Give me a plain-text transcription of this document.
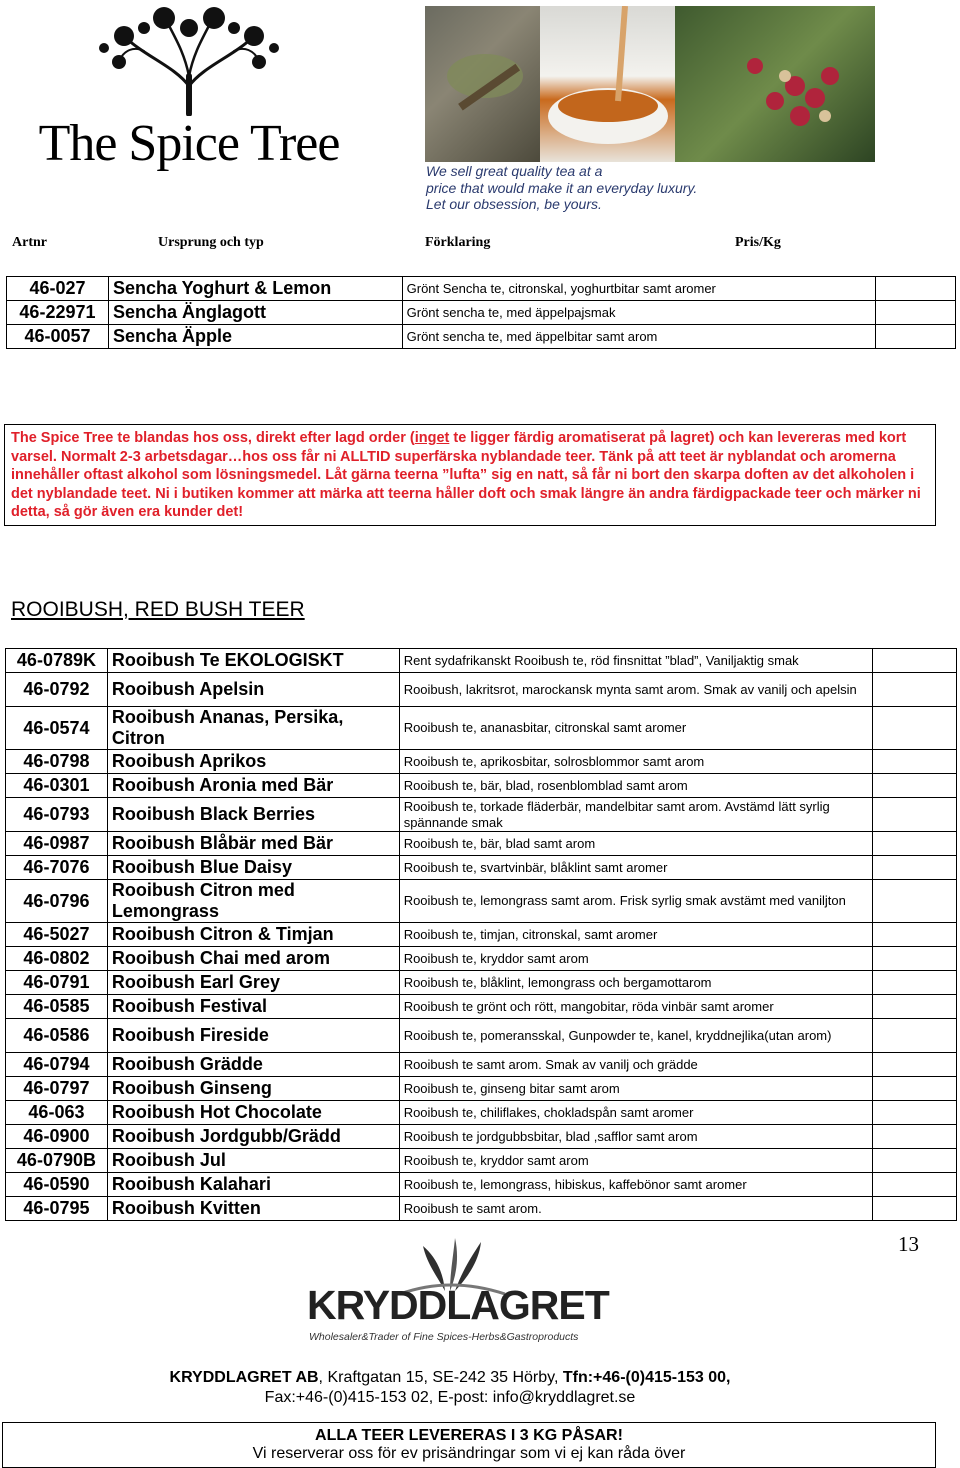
The Spice Tree	We sell great quality tea at a
price that would make it an everyday luxury.
Let our obsession, be yours.
Artnr	Ursprung och typ	Förklaring	Pris/Kg
46-027	Sencha Yoghurt & Lemon	Grönt Sencha te, citronskal, yoghurtbitar samt aromer	
46-22971	Sencha Änglagott	Grönt sencha te, med äppelpajsmak	
46-0057	Sencha Äpple	Grönt sencha te, med äppelbitar samt arom	
The Spice Tree te blandas hos oss, direkt efter lagd order (inget te ligger färdig aromatiserat på lagret) och kan levereras med kort varsel. Normalt 2-3 arbetsdagar…hos oss får ni ALLTID superfärska nyblandade teer. Tänk på att teet är nyblandat och aromerna innehåller oftast alkohol som lösningsmedel. Låt gärna teerna ”lufta” sig en natt, så får ni bort den skarpa doften av det alkoholen i det nyblandade teet. Ni i butiken kommer att märka att teerna håller doft och smak längre än andra färdigpackade teer och märker ni detta, så gör även era kunder det!
ROOIBUSH, RED BUSH TEER
46-0789K	Rooibush Te EKOLOGISKT	Rent sydafrikanskt Rooibush te, röd finsnittat ”blad”, Vaniljaktig smak	
46-0792	Rooibush Apelsin	Rooibush, lakritsrot, marockansk mynta samt arom. Smak av vanilj och apelsin	
46-0574	Rooibush Ananas, Persika, Citron	Rooibush te, ananasbitar, citronskal samt aromer	
46-0798	Rooibush Aprikos	Rooibush te, aprikosbitar, solrosblommor samt arom	
46-0301	Rooibush Aronia med Bär	Rooibush te, bär, blad, rosenblomblad samt arom	
46-0793	Rooibush Black Berries	Rooibush te, torkade fläderbär, mandelbitar samt arom. Avstämd lätt syrlig spännande smak	
46-0987	Rooibush Blåbär med Bär	Rooibush te, bär, blad samt arom	
46-7076	Rooibush Blue Daisy	Rooibush te, svartvinbär, blåklint samt aromer	
46-0796	Rooibush Citron med Lemongrass	Rooibush te, lemongrass samt arom. Frisk syrlig smak avstämt med vaniljton	
46-5027	Rooibush Citron & Timjan	Rooibush te, timjan, citronskal, samt aromer	
46-0802	Rooibush Chai med arom	Rooibush te, kryddor samt arom	
46-0791	Rooibush Earl Grey	Rooibush te, blåklint, lemongrass och bergamottarom	
46-0585	Rooibush Festival	Rooibush te grönt och rött, mangobitar, röda vinbär samt aromer	
46-0586	Rooibush Fireside	Rooibush te, pomeransskal, Gunpowder te, kanel, kryddnejlika(utan arom)	
46-0794	Rooibush Grädde	Rooibush te samt arom. Smak av vanilj och grädde	
46-0797	Rooibush Ginseng	Rooibush te, ginseng bitar samt arom	
46-063	Rooibush Hot Chocolate	Rooibush te, chiliflakes, chokladspån samt aromer	
46-0900	Rooibush Jordgubb/Grädd	Rooibush te jordgubbsbitar, blad ,safflor samt arom	
46-0790B	Rooibush Jul	Rooibush te, kryddor samt arom	
46-0590	Rooibush Kalahari	Rooibush te, lemongrass, hibiskus, kaffebönor samt aromer	
46-0795	Rooibush Kvitten	Rooibush te samt arom.	
13
KRYDDLAGRET
Wholesaler&Trader of Fine Spices-Herbs&Gastroproducts
KRYDDLAGRET AB, Kraftgatan 15, SE-242 35 Hörby, Tfn:+46-(0)415-153 00,
Fax:+46-(0)415-153 02, E-post: info@kryddlagret.se
ALLA TEER LEVERERAS I 3 KG PÅSAR!
Vi reserverar oss för ev prisändringar som vi ej kan råda över
